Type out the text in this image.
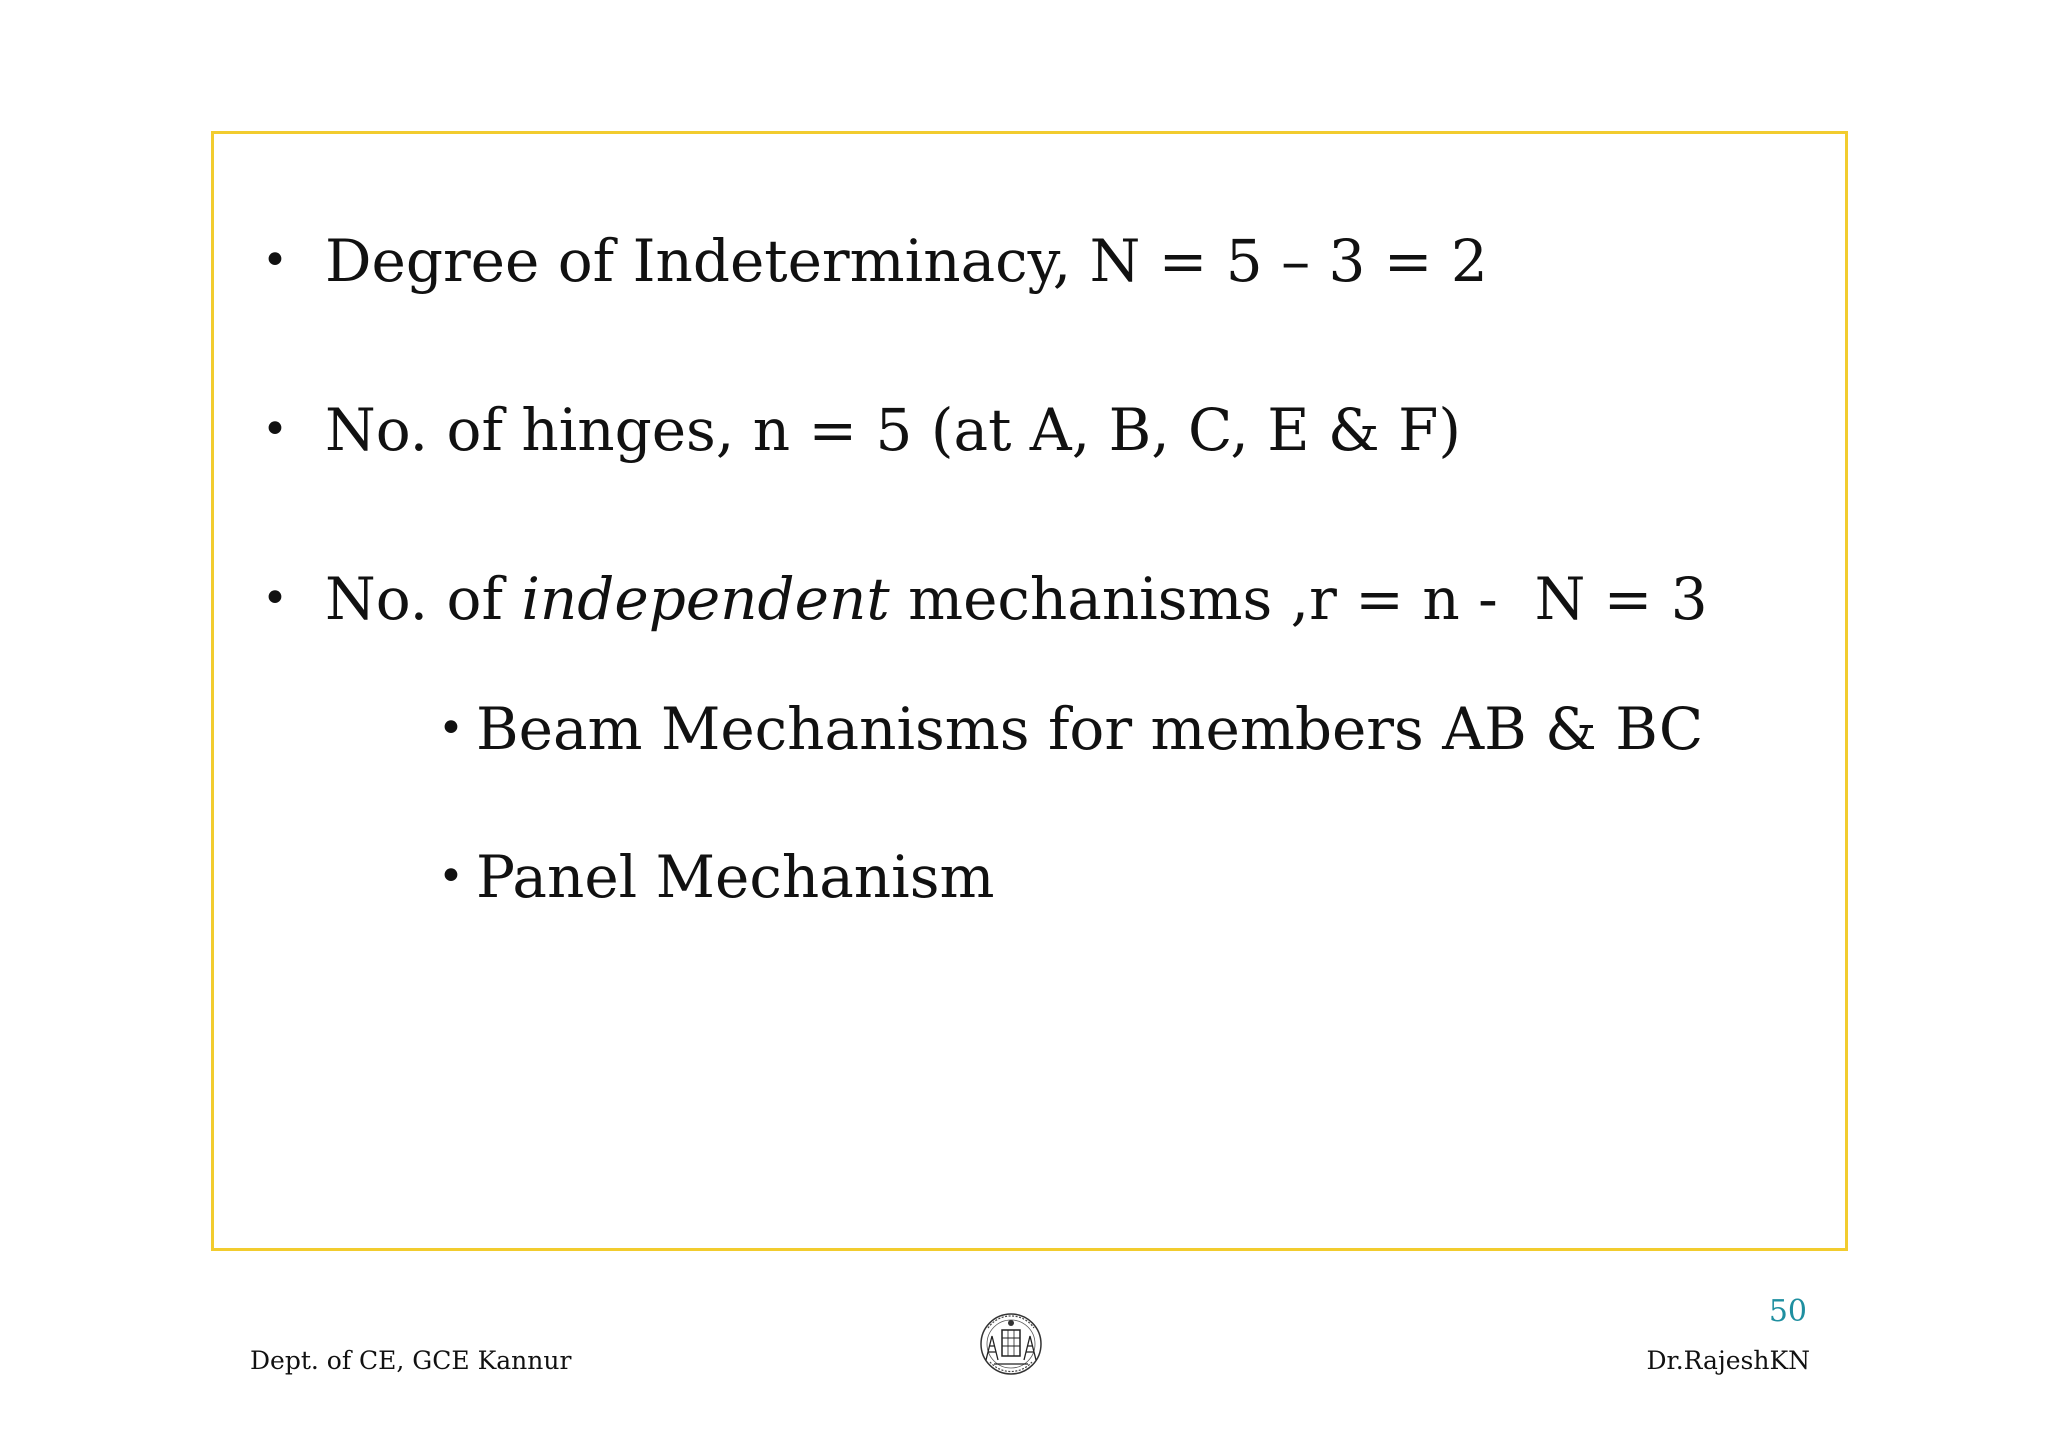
• Degree of Indeterminacy, N = 5 – 3 = 2
• No. of hinges, n = 5 (at A, B, C, E & F)
• No. of independent mechanisms ,r = n -  N = 3
• Beam Mechanisms for members AB & BC
• Panel Mechanism
50
Dept. of CE, GCE Kannur	Dr.RajeshKN
